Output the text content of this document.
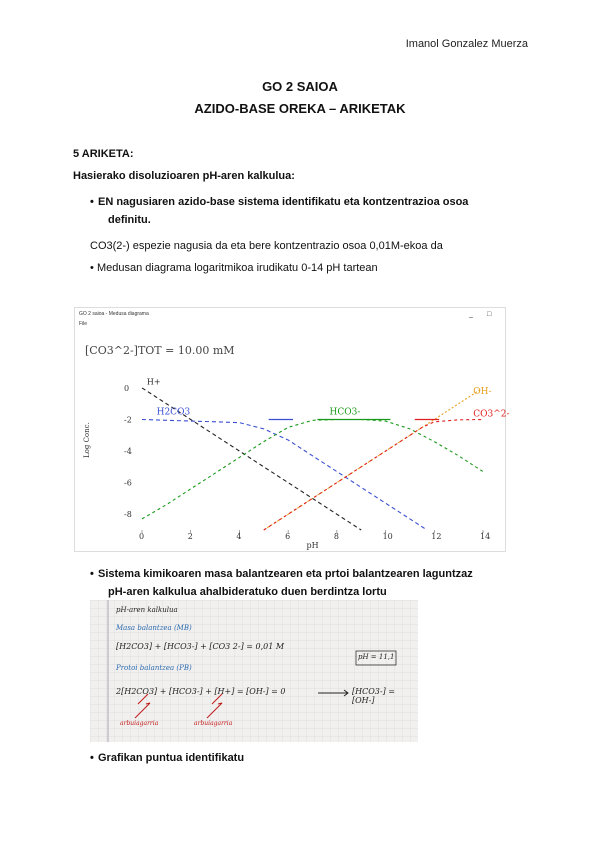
Imanol Gonzalez Muerza
GO 2 SAIOA
AZIDO-BASE OREKA – ARIKETAK
5 ARIKETA:
Hasierako disoluzioaren pH-aren kalkulua:
• EN nagusiaren azido-base sistema identifikatu eta kontzentrazioa osoa
definitu.
CO3(2-) espezie nagusia da eta bere kontzentrazio osoa 0,01M-ekoa da
• Medusan diagrama logaritmikoa irudikatu 0-14 pH tartean
GO 2 saioa - Medusa diagrama
File
_ □
[CO3^2-]TOT = 10.00 mM
pH
Log Conc.
0	2	4	6	8	10	12	14
0
-2
-4
-6
-8
H+
H2CO3	HCO3-
OH-
CO3^2-
• Sistema kimikoaren masa balantzearen eta prtoi balantzearen laguntzaz
pH-aren kalkulua ahalbideratuko duen berdintza lortu
pH-aren kalkulua
Masa balantzea (MB)
[H2CO3] + [HCO3-] + [CO3 2-] = 0,01 M
pH = 11,1
Protoi balantzea (PB)
2[H2CO3] + [HCO3-] + [H+] = [OH-] = 0	[HCO3-] = [OH-]
arbuiagarria	arbuiagarria
• Grafikan puntua identifikatu
